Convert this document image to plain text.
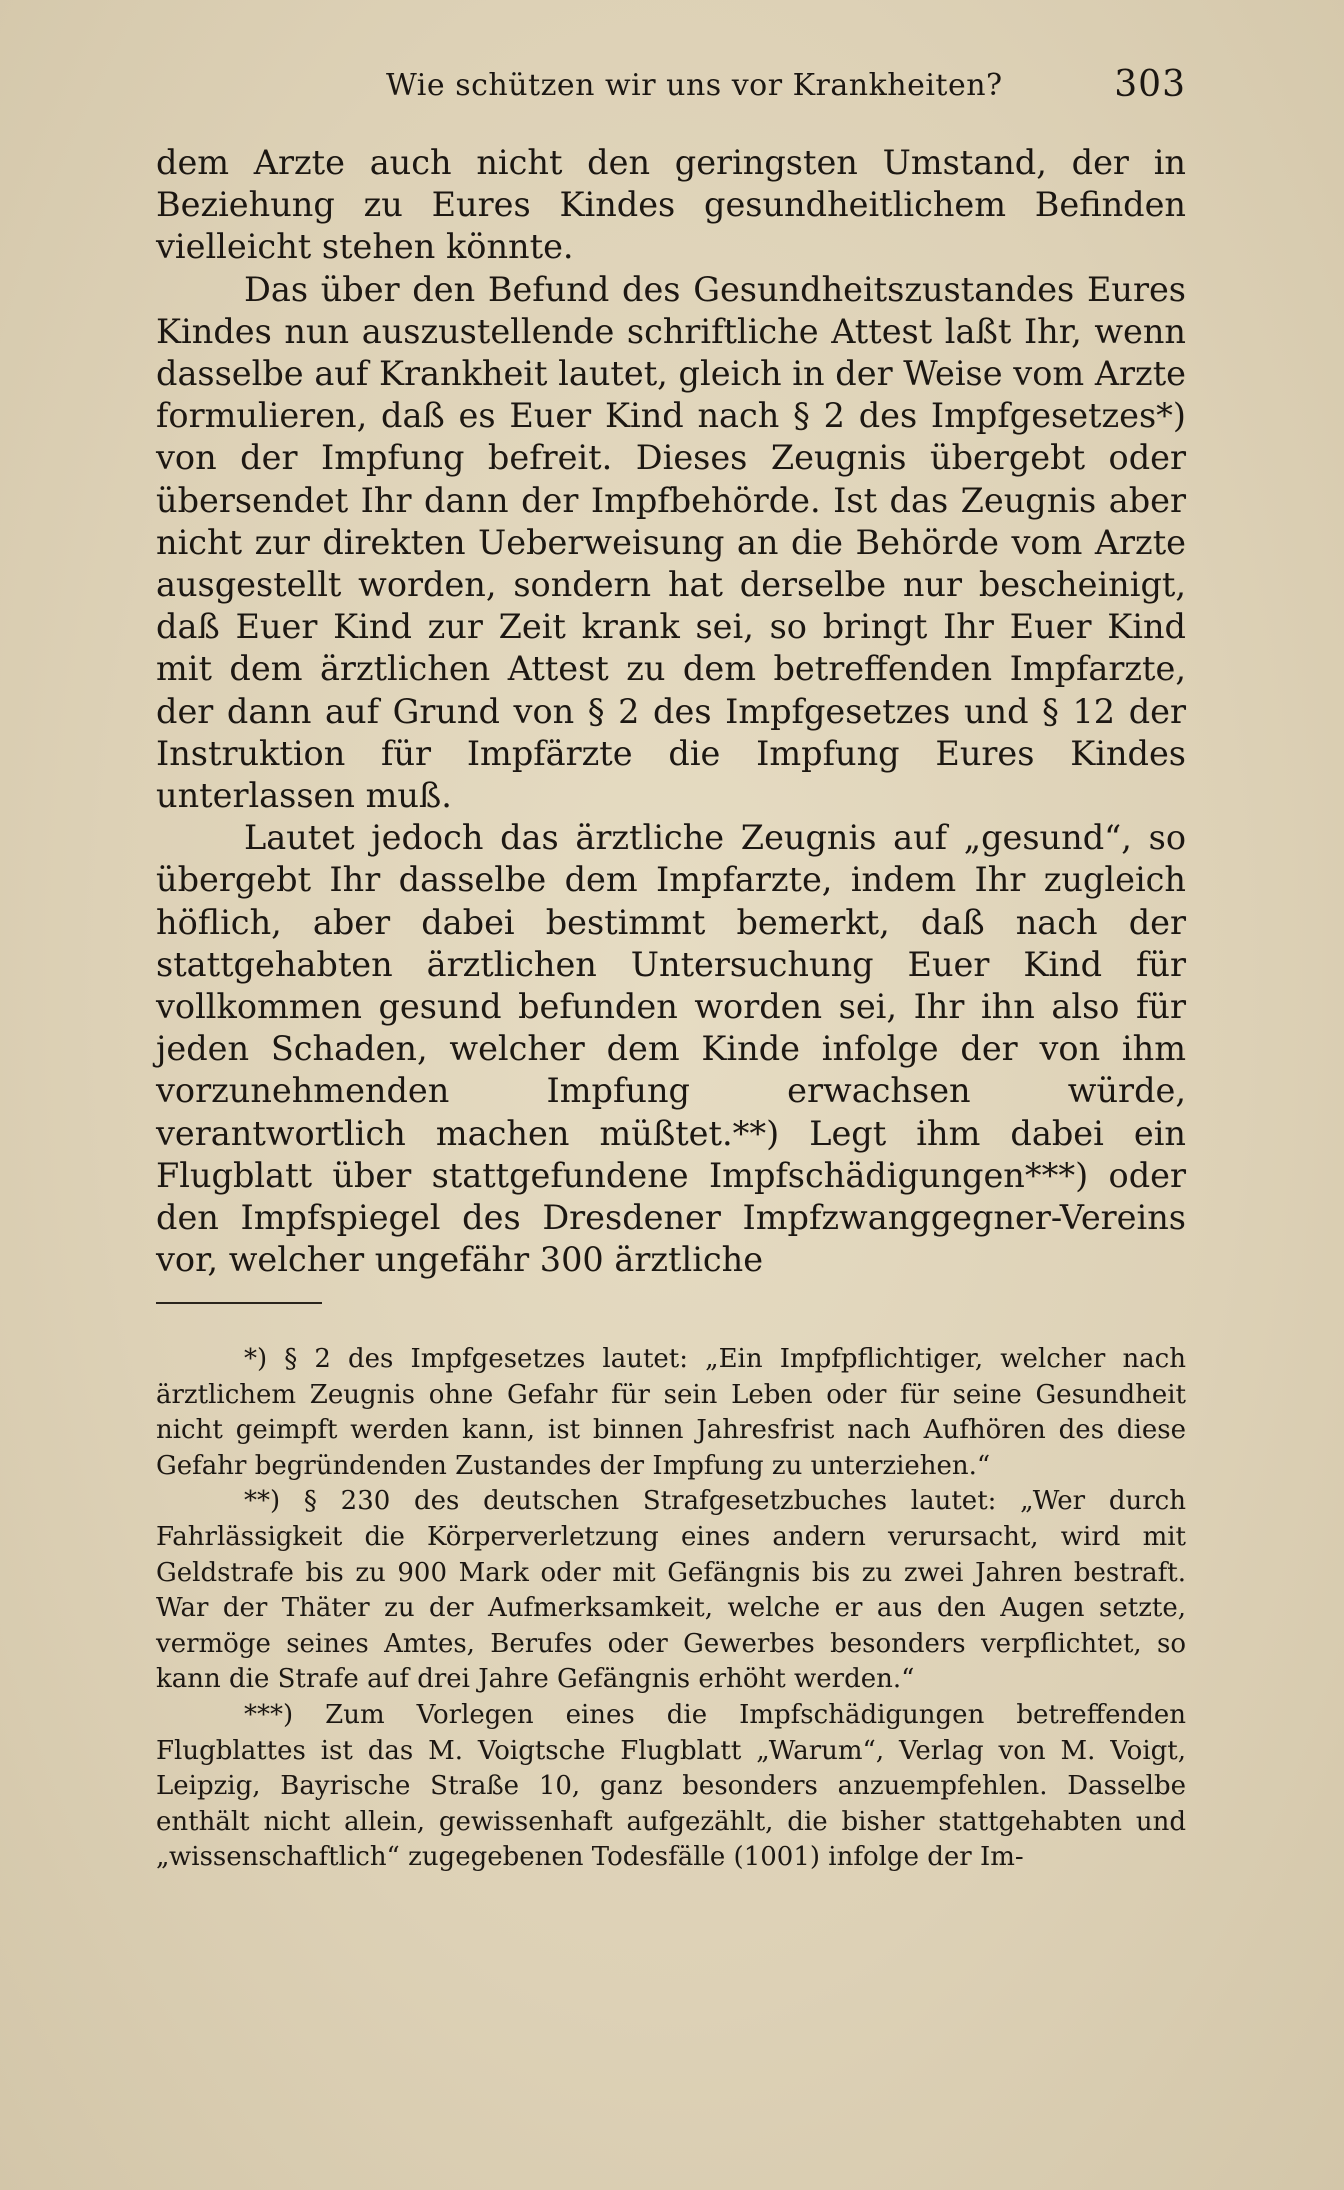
Wie schützen wir uns vor Krankheiten?	303

dem Arzte auch nicht den geringsten Umstand, der in Beziehung zu Eures Kindes gesundheitlichem Befinden vielleicht stehen könnte.

Das über den Befund des Gesundheitszustandes Eures Kindes nun auszustellende schriftliche Attest laßt Ihr, wenn dasselbe auf Krankheit lautet, gleich in der Weise vom Arzte formulieren, daß es Euer Kind nach § 2 des Impfgesetzes*) von der Impfung befreit. Dieses Zeugnis übergebt oder übersendet Ihr dann der Impfbehörde. Ist das Zeugnis aber nicht zur direkten Ueberweisung an die Behörde vom Arzte ausgestellt worden, sondern hat derselbe nur bescheinigt, daß Euer Kind zur Zeit krank sei, so bringt Ihr Euer Kind mit dem ärztlichen Attest zu dem betreffenden Impfarzte, der dann auf Grund von § 2 des Impfgesetzes und § 12 der Instruktion für Impfärzte die Impfung Eures Kindes unterlassen muß.

Lautet jedoch das ärztliche Zeugnis auf „gesund“, so übergebt Ihr dasselbe dem Impfarzte, indem Ihr zugleich höflich, aber dabei bestimmt bemerkt, daß nach der stattgehabten ärztlichen Untersuchung Euer Kind für vollkommen gesund befunden worden sei, Ihr ihn also für jeden Schaden, welcher dem Kinde infolge der von ihm vorzunehmenden Impfung erwachsen würde, verantwortlich machen müßtet.**) Legt ihm dabei ein Flugblatt über stattgefundene Impfschädigungen***) oder den Impfspiegel des Dresdener Impfzwanggegner-Vereins vor, welcher ungefähr 300 ärztliche

*) § 2 des Impfgesetzes lautet: „Ein Impfpflichtiger, welcher nach ärztlichem Zeugnis ohne Gefahr für sein Leben oder für seine Gesundheit nicht geimpft werden kann, ist binnen Jahresfrist nach Aufhören des diese Gefahr begründenden Zustandes der Impfung zu unterziehen.“

**) § 230 des deutschen Strafgesetzbuches lautet: „Wer durch Fahrlässigkeit die Körperverletzung eines andern verursacht, wird mit Geldstrafe bis zu 900 Mark oder mit Gefängnis bis zu zwei Jahren bestraft. War der Thäter zu der Aufmerksamkeit, welche er aus den Augen setzte, vermöge seines Amtes, Berufes oder Gewerbes besonders verpflichtet, so kann die Strafe auf drei Jahre Gefängnis erhöht werden.“

***) Zum Vorlegen eines die Impfschädigungen betreffenden Flugblattes ist das M. Voigtsche Flugblatt „Warum“, Verlag von M. Voigt, Leipzig, Bayrische Straße 10, ganz besonders anzuempfehlen. Dasselbe enthält nicht allein, gewissenhaft aufgezählt, die bisher stattgehabten und „wissenschaftlich“ zugegebenen Todesfälle (1001) infolge der Im-
